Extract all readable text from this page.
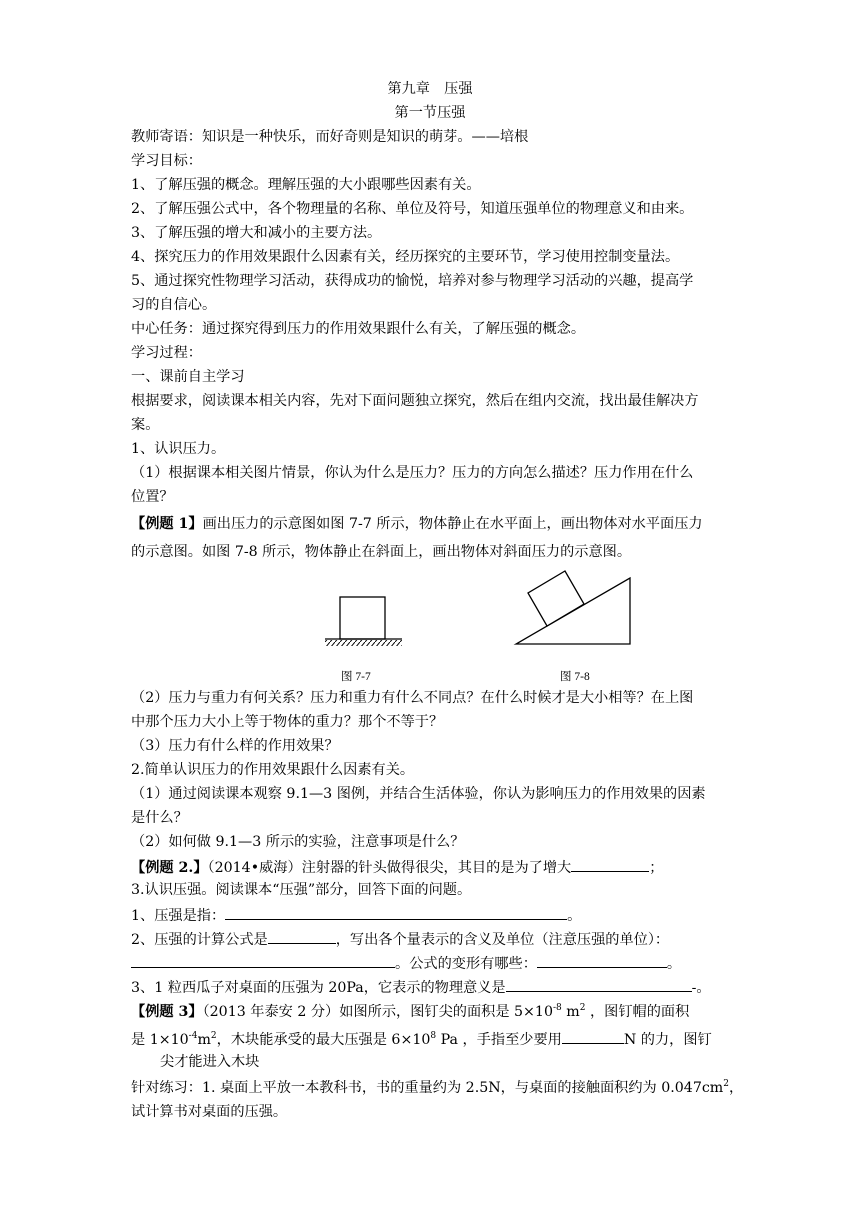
第九章　压强
第一节压强
教师寄语：知识是一种快乐，而好奇则是知识的萌芽。——培根
学习目标：
1、了解压强的概念。理解压强的大小跟哪些因素有关。
2、了解压强公式中，各个物理量的名称、单位及符号，知道压强单位的物理意义和由来。
3、了解压强的增大和减小的主要方法。
4、探究压力的作用效果跟什么因素有关，经历探究的主要环节，学习使用控制变量法。
5、通过探究性物理学习活动，获得成功的愉悦，培养对参与物理学习活动的兴趣，提高学
习的自信心。
中心任务：通过探究得到压力的作用效果跟什么有关，了解压强的概念。
学习过程：
一、课前自主学习
根据要求，阅读课本相关内容，先对下面问题独立探究，然后在组内交流，找出最佳解决方
案。
1、认识压力。
（1）根据课本相关图片情景，你认为什么是压力？压力的方向怎么描述？压力作用在什么
位置？
【例题 1】画出压力的示意图如图 7-7 所示，物体静止在水平面上，画出物体对水平面压力
的示意图。如图 7-8 所示，物体静止在斜面上，画出物体对斜面压力的示意图。
图 7-7	图 7-8
（2）压力与重力有何关系？压力和重力有什么不同点？在什么时候才是大小相等？在上图
中那个压力大小上等于物体的重力？那个不等于？
（3）压力有什么样的作用效果？
2.简单认识压力的作用效果跟什么因素有关。
（1）通过阅读课本观察 9.1—3 图例，并结合生活体验，你认为影响压力的作用效果的因素
是什么？
（2）如何做 9.1—3 所示的实验，注意事项是什么？
【例题 2.】（2014•威海）注射器的针头做得很尖，其目的是为了增大	；
3.认识压强。阅读课本“压强”部分，回答下面的问题。
1、压强是指：	。
2、压强的计算公式是	，写出各个量表示的含义及单位（注意压强的单位）：
。公式的变形有哪些：	。
3、1 粒西瓜子对桌面的压强为 20Pa，它表示的物理意义是	-。
【例题 3】（2013 年泰安 2 分）如图所示，图钉尖的面积是 $5\times 10^{-8}$ $m^2$ ，图钉帽的面积
是 $1\times 10^{-4}m^2$，木块能承受的最大压强是 $6\times 10^8$ Pa ，手指至少要用	N 的力，图钉
尖才能进入木块
针对练习：1. 桌面上平放一本教科书，书的重量约为 2.5N，与桌面的接触面积约为 $0.047cm^2$，
试计算书对桌面的压强。
